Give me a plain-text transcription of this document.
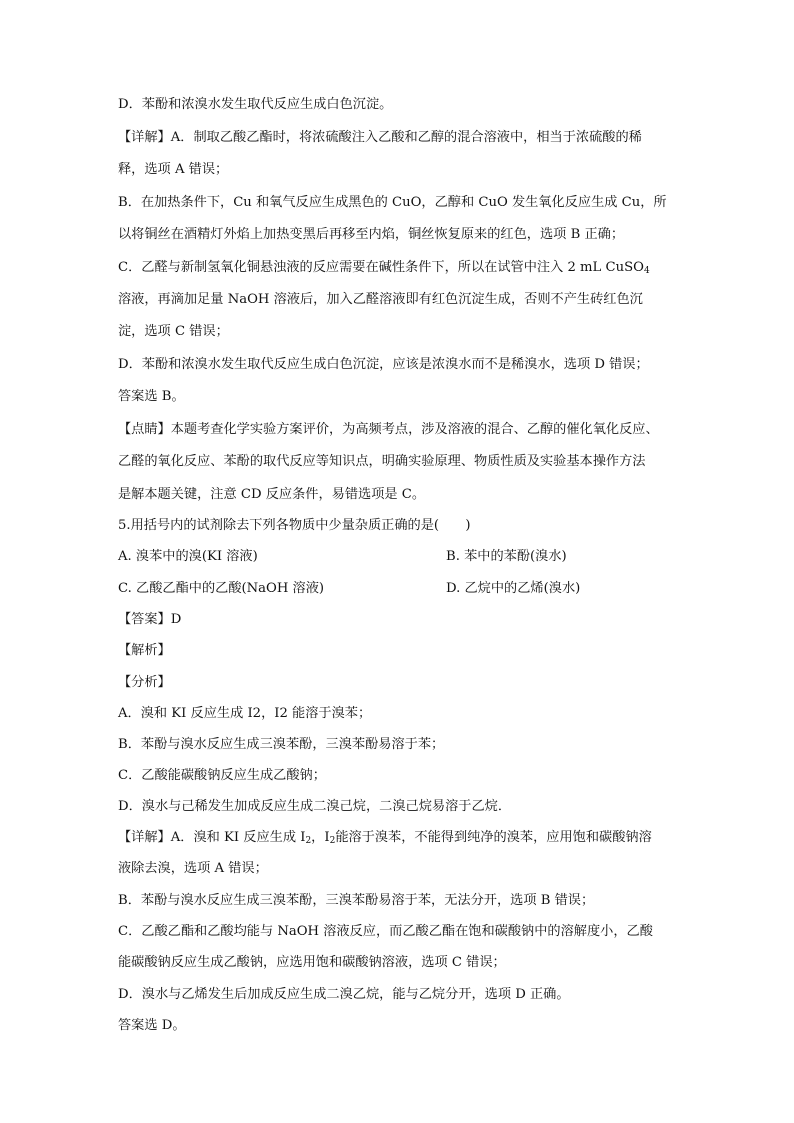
D．苯酚和浓溴水发生取代反应生成白色沉淀。
【详解】A．制取乙酸乙酯时，将浓硫酸注入乙酸和乙醇的混合溶液中，相当于浓硫酸的稀
释，选项 A 错误；
B．在加热条件下，Cu 和氧气反应生成黑色的 CuO，乙醇和 CuO 发生氧化反应生成 Cu，所
以将铜丝在酒精灯外焰上加热变黑后再移至内焰，铜丝恢复原来的红色，选项 B 正确；
C．乙醛与新制氢氧化铜悬浊液的反应需要在碱性条件下，所以在试管中注入 2 mL CuSO$_4$
溶液，再滴加足量 NaOH 溶液后，加入乙醛溶液即有红色沉淀生成，否则不产生砖红色沉
淀，选项 C 错误；
D．苯酚和浓溴水发生取代反应生成白色沉淀，应该是浓溴水而不是稀溴水，选项 D 错误；
答案选 B。
【点睛】本题考查化学实验方案评价，为高频考点，涉及溶液的混合、乙醇的催化氧化反应、
乙醛的氧化反应、苯酚的取代反应等知识点，明确实验原理、物质性质及实验基本操作方法
是解本题关键，注意 CD 反应条件，易错选项是 C。
5.用括号内的试剂除去下列各物质中少量杂质正确的是(　　)
A. 溴苯中的溴(KI 溶液)	B. 苯中的苯酚(溴水)
C. 乙酸乙酯中的乙酸(NaOH 溶液)	D. 乙烷中的乙烯(溴水)
【答案】D
【解析】
【分析】
A．溴和 KI 反应生成 I2，I2 能溶于溴苯；
B．苯酚与溴水反应生成三溴苯酚，三溴苯酚易溶于苯；
C．乙酸能碳酸钠反应生成乙酸钠；
D．溴水与己稀发生加成反应生成二溴己烷，二溴己烷易溶于乙烷．
【详解】A．溴和 KI 反应生成 $I_2$，$I_2$能溶于溴苯，不能得到纯净的溴苯，应用饱和碳酸钠溶
液除去溴，选项 A 错误；
B．苯酚与溴水反应生成三溴苯酚，三溴苯酚易溶于苯，无法分开，选项 B 错误；
C．乙酸乙酯和乙酸均能与 NaOH 溶液反应，而乙酸乙酯在饱和碳酸钠中的溶解度小，乙酸
能碳酸钠反应生成乙酸钠，应选用饱和碳酸钠溶液，选项 C 错误；
D．溴水与乙烯发生后加成反应生成二溴乙烷，能与乙烷分开，选项 D 正确。
答案选 D。
